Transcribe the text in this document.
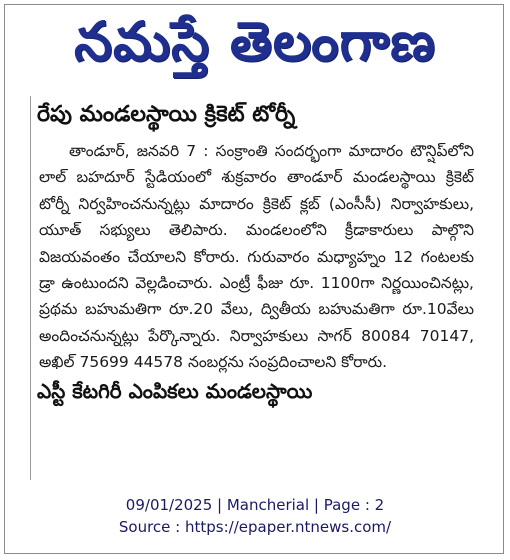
నమస్తే తెలంగాణ
రేపు మండలస్థాయి క్రికెట్ టోర్నీ

తాండూర్, జనవరి 7 : సంక్రాంతి సందర్భంగా మాదారం టౌన్షిప్‌లోని లాల్ బహదూర్ స్టేడియంలో శుక్రవారం తాండూర్ మండలస్థాయి క్రికెట్ టోర్నీ నిర్వహించనున్నట్లు మాదారం క్రికెట్ క్లబ్ (ఎంసీసీ) నిర్వాహకులు, యూత్ సభ్యులు తెలిపారు. మండలంలోని క్రీడాకారులు పాల్గొని విజయవంతం చేయాలని కోరారు. గురువారం మధ్యాహ్నం 12 గంటలకు డ్రా ఉంటుందని వెల్లడించారు. ఎంట్రీ ఫీజు రూ. 1100గా నిర్ణయించినట్లు, ప్రథమ బహుమతిగా రూ.20 వేలు, ద్వితీయ బహుమతిగా రూ.10వేలు అందించనున్నట్లు పేర్కొన్నారు. నిర్వాహకులు సాగర్ 80084 70147, అఖిల్ 75699 44578 నంబర్లను సంప్రదించాలని కోరారు.

ఎస్టీ కేటగిరీ ఎంపికలు మండలస్థాయి
09/01/2025 | Mancherial | Page : 2
Source : https://epaper.ntnews.com/
